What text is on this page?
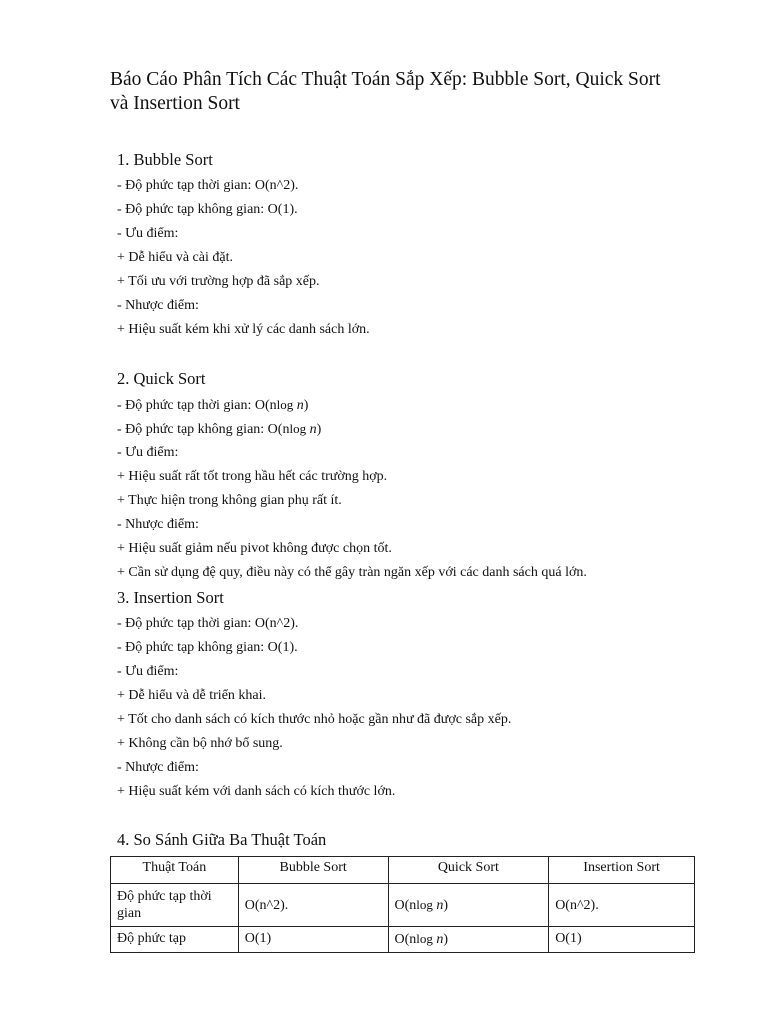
Báo Cáo Phân Tích Các Thuật Toán Sắp Xếp: Bubble Sort, Quick Sort và Insertion Sort
1. Bubble Sort

- Độ phức tạp thời gian: O(n^2).

- Độ phức tạp không gian: O(1).

- Ưu điểm:

+ Dễ hiểu và cài đặt.

+ Tối ưu với trường hợp đã sắp xếp.

- Nhược điểm:

+ Hiệu suất kém khi xử lý các danh sách lớn.

2. Quick Sort

- Độ phức tạp thời gian: O(nlog n)

- Độ phức tạp không gian: O(nlog n)

- Ưu điểm:

+ Hiệu suất rất tốt trong hầu hết các trường hợp.

+ Thực hiện trong không gian phụ rất ít.

- Nhược điểm:

+ Hiệu suất giảm nếu pivot không được chọn tốt.

+ Cần sử dụng đệ quy, điều này có thể gây tràn ngăn xếp với các danh sách quá lớn.

3. Insertion Sort

- Độ phức tạp thời gian: O(n^2).

- Độ phức tạp không gian: O(1).

- Ưu điểm:

+ Dễ hiểu và dễ triển khai.

+ Tốt cho danh sách có kích thước nhỏ hoặc gần như đã được sắp xếp.

+ Không cần bộ nhớ bổ sung.

- Nhược điểm:

+ Hiệu suất kém với danh sách có kích thước lớn.

4. So Sánh Giữa Ba Thuật Toán
Thuật Toán	Bubble Sort	Quick Sort	Insertion Sort
Độ phức tạp thời gian	O(n^2).	O(nlog n)	O(n^2).
Độ phức tạp	O(1)	O(nlog n)	O(1)
